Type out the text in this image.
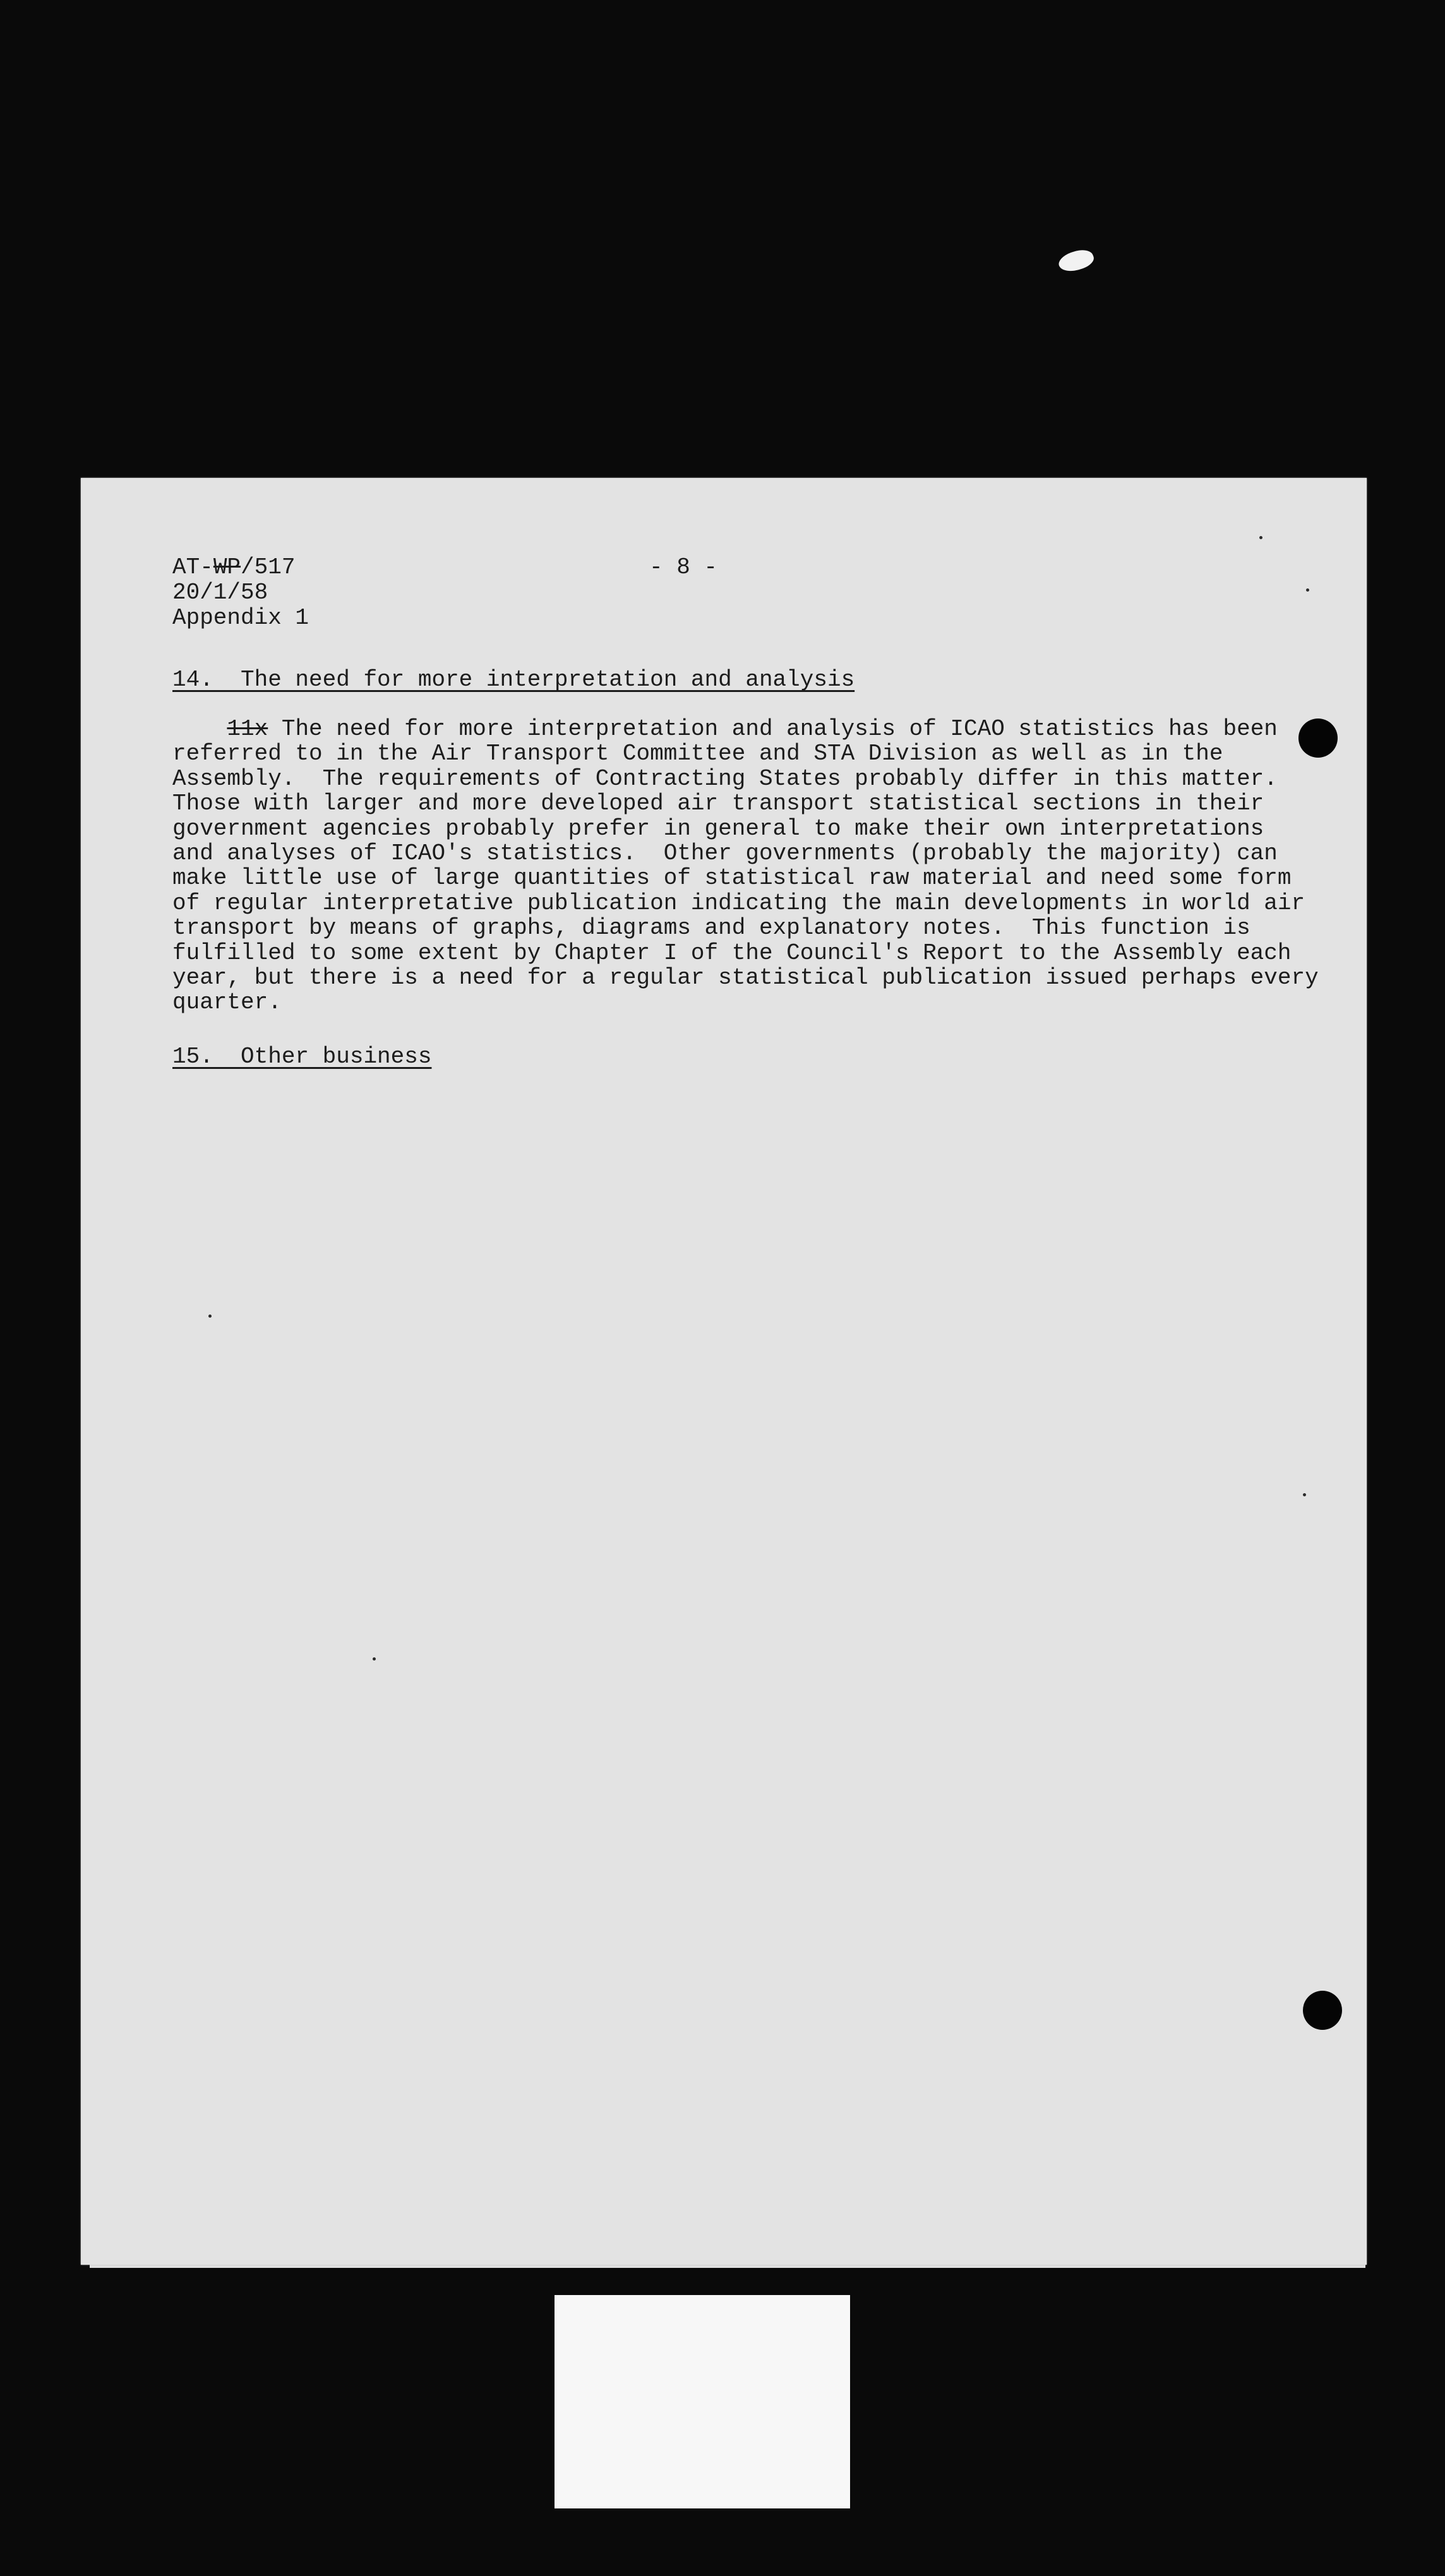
AT-WP/517
20/1/58
Appendix 1
- 8 -
14.  The need for more interpretation and analysis
11x The need for more interpretation and analysis of ICAO statistics has been
referred to in the Air Transport Committee and STA Division as well as in the
Assembly.  The requirements of Contracting States probably differ in this matter.
Those with larger and more developed air transport statistical sections in their
government agencies probably prefer in general to make their own interpretations
and analyses of ICAO's statistics.  Other governments (probably the majority) can
make little use of large quantities of statistical raw material and need some form
of regular interpretative publication indicating the main developments in world air
transport by means of graphs, diagrams and explanatory notes.  This function is
fulfilled to some extent by Chapter I of the Council's Report to the Assembly each
year, but there is a need for a regular statistical publication issued perhaps every
quarter.
15.  Other business
